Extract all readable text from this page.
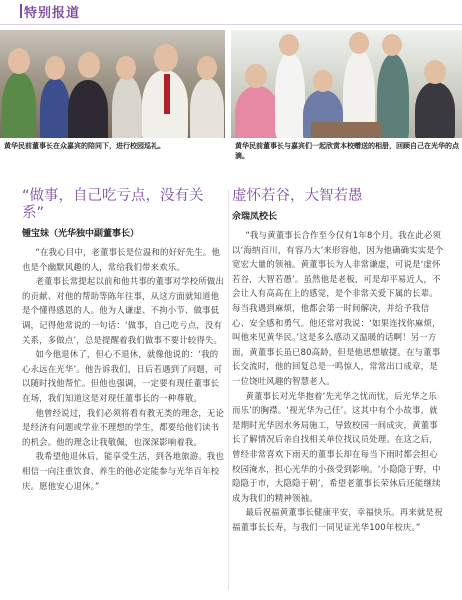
特别报道
黄华民前董事长在众嘉宾的陪同下，进行校园巡礼。	黄华民前董事长与嘉宾们一起欣赏本校赠送的相册，回顾自己在光华的点滴。
“做事，自己吃亏点，没有关系”
锺宝妹（光华独中副董事长）

“在我心目中，老董事长是位温和的好好先生。他也是个幽默风趣的人，常给我们带来欢乐。

老董事长常提起以前和他共事的董事对学校所做出的贡献、对他的帮助等陈年往事，从这方面就知道他是个懂得感恩的人。他为人谦虚、不拘小节、做事低调，记得他常说的一句话：‘做事，自己吃亏点，没有关系，多做点’，总是提醒着我们做事不要计较得失。

如今他退休了，但心不退休，就像他说的：‘我的心永远在光华’。他告诉我们，日后若遇到了问题，可以随时找他帮忙。但他也强调，一定要有现任董事长在场，我们知道这是对现任董事长的一种尊敬。

他曾经说过，我们必须将看有教无类的理念，无论是经济有问题或学业不理想的学生，都要给他们读书的机会。他的理念让我敬佩，也深深影响着我。

我希望他退休后，能享受生活，到各地旅游。我也相信一向注重饮食、养生的他必定能参与光华百年校庆。愿他安心退休。”

虚怀若谷，大智若愚
佘瑞凤校长

“我与黄董事长合作至今仅有1年8个月。我在此必须以‘海纳百川，有容乃大’来形容他，因为他确确实实是个宽宏大量的领袖。黄董事长为人非常谦虚，可说是‘虚怀若谷，大智若愚’。虽然他是老板，可是却平易近人，不会让人有高高在上的感觉，是个非常关爱下属的长辈。每当我遇到麻烦，他都会第一时间解决，并给予我信心、安全感和勇气。他还常对我说：‘如果连找你麻烦，叫他来见黄华民。’这是多么感动又温暖的话啊！另一方面，黄董事长虽已80高龄，但是他思想敏捷。在与董事长交流时，他的回复总是一鸣惊人，常常出口成章，是一位饶吐风趣的智慧老人。

黄董事长对光华抱着‘先光华之忧而忧，后光华之乐而乐’的胸襟。‘视光华为己任’。这其中有个小故事，就是期时光华因水务局施工，导致校园一间成灾，黄董事长了解情况后亲自找相关单位找议员处理。在这之后，曾经非常喜欢下雨天的董事长却在每当下雨时都会担心校园淹水，担心光华的小孩受到影响。‘小隐隐于野，中隐隐于市，大隐隐于朝’，希望老董事长荣休后还能继续成为我们的精神领袖。

最后祝福黄董事长健康平安，幸福快乐。再来就是祝福董事长长寿，与我们一同见证光华100年校庆。”
